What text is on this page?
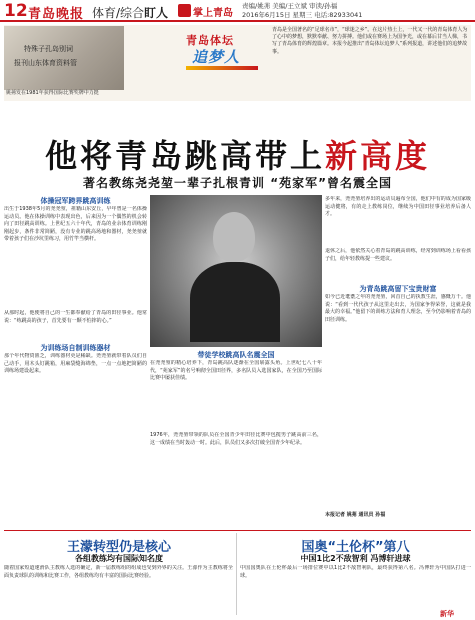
12 青岛晚报 体育/综合盯人 掌上青岛
责编/姚茀 美编/王立斌 审读/孙福
2016年6月15日 星期三 电话:82933041
特殊子孔岛别词
报刊山东体育资料管
姚茀发在1981年获得国际比赛奖牌中力挺
青岛体坛
追梦人
青岛是全国著名的“足球名市”，“球迷之乡”。在这片热土上，一代又一代的青岛体育人为了心中的梦想，默默奉献、努力拼搏。他们或在赛场上为国争光，或在幕后甘当人梯，书写了青岛体育的辉煌篇章。本报今起推出“青岛体坛追梦人”系列报道，讲述他们的追梦故事。
他将青岛跳高带上新高度
著名教练尧尧堃一辈子扎根青训 “苑家军”曾名震全国
体操冠军跨界跳高训练
出生于1938年5月的尧尧堃，祖籍山东安丘，早年曾是一名体操运动员。他在体操训练中表现出色，后来因为一个偶然的机会转向了田径跳高训练。上世纪五六十年代，青岛的业余体育训练刚刚起步，条件非常简陋，没有专业的跳高场地和器材，尧尧堃就带着孩子们在沙坑里练习，用竹竿当横杆。
从那时起，他便将自己的一生都奉献给了青岛的田径事业。他常说：“练跳高的孩子，首先要有一颗不怕摔的心。”
为训练场自制训练器材
那个年代物资匮乏，训练器材更是稀缺。尧尧堃就带着队员们自己动手，用木头钉跳箱，用麻袋缝海绵垫，一点一点地把简陋的训练场建设起来。
带徒学校跳高队名震全国
在尧尧堃的精心培养下，青岛跳高队逐渐在全国崭露头角。上世纪七八十年代，“苑家军”的名号响彻全国田径界，多名队员入选国家队，在全国乃至国际比赛中屡获佳绩。
1976年，尧尧堃带领的队员在全国青少年田径比赛中包揽男子跳高前三名，这一成绩在当时轰动一时。此后，队员们又多次打破全国青少年纪录。
多年来，尧尧堃培养出的运动员遍布全国，他们中有的成为国家级运动健将，有的走上教练岗位，继续为中国田径事业培养后备人才。
退休之后，他依然关心着青岛的跳高训练，经常到训练场上看看孩子们，给年轻教练提一些建议。
为青岛跳高留下宝贵财富
如今已近耄耋之年的尧尧堃，回首自己的执教生涯，感慨万千。他说：“看到一代代孩子从这里走出去，为国家争得荣誉，这就是我最大的幸福。”他留下的训练方法和育人理念，至今仍影响着青岛的田径训练。
本报记者 姚茀 通讯员 孙福
王濛转型仍是核心
各组教练均有国际知名度
随着国家短道速滑队主教练人选的确定，新一届教练组的组成也受到外界的关注。王濛作为主教练将全面负责球队的训练和比赛工作，各组教练均有丰富的国际比赛经验。
国奥“土伦杯”第八
中国1比2不敌智利 冯博轩进球
中国国奥队在土伦杯最后一场排位赛中以1比2不敌智利队，最终获得第八名。冯博轩为中国队打进一球。
新华
